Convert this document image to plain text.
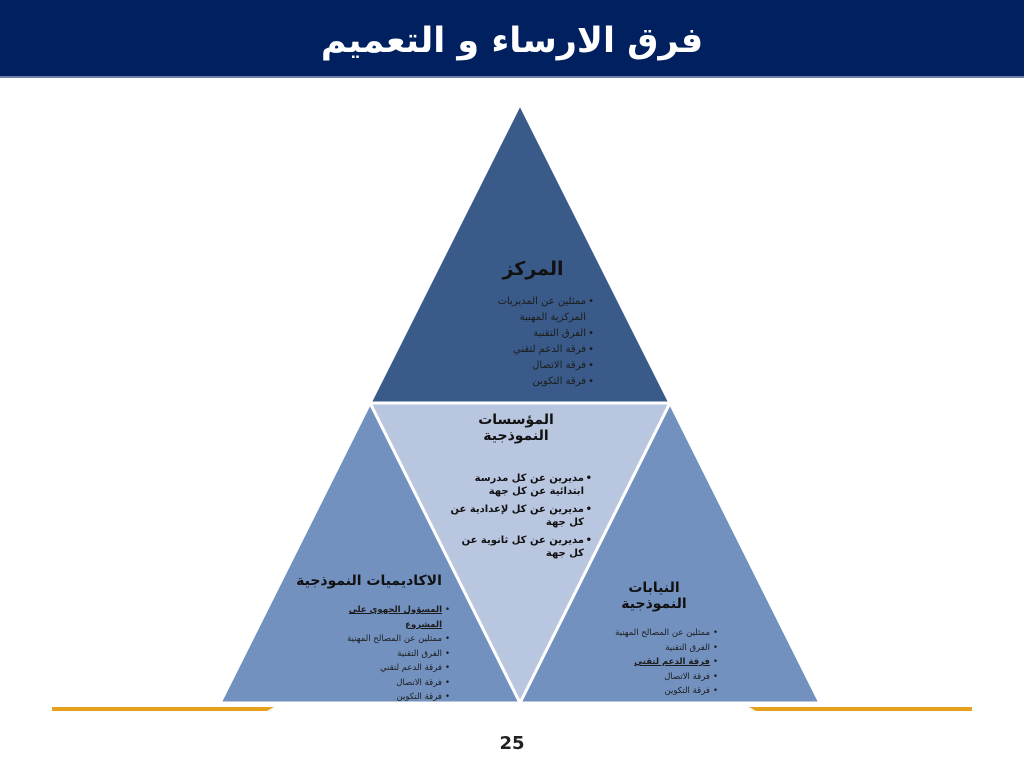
فرق الارساء و التعميم
المركز
• ممثلين عن المديريات المركزية المهنية
• الفرق التقنية
• فرقة الدعم لتقني
• فرقة الاتصال
• فرقة التكوين
المؤسسات النموذجية
• مديرين عن كل مدرسة ابتدائية عن كل جهة
• مديرين عن كل لإعدادية عن كل جهة
• مديرين عن كل ثانوية عن كل جهة
الاكاديميات النموذجية
• المسؤول الجهوي على المشروع
• ممثلين عن المصالح المهنية
• الفرق التقنية
• فرقة الدعم لتقني
• فرقة الاتصال
• فرقة التكوين
النيابات النموذجية
• ممثلين عن المصالح المهنية
• الفرق التقنية
• فرقة الدعم لتقني
• فرقة الاتصال
• فرقة التكوين
25
